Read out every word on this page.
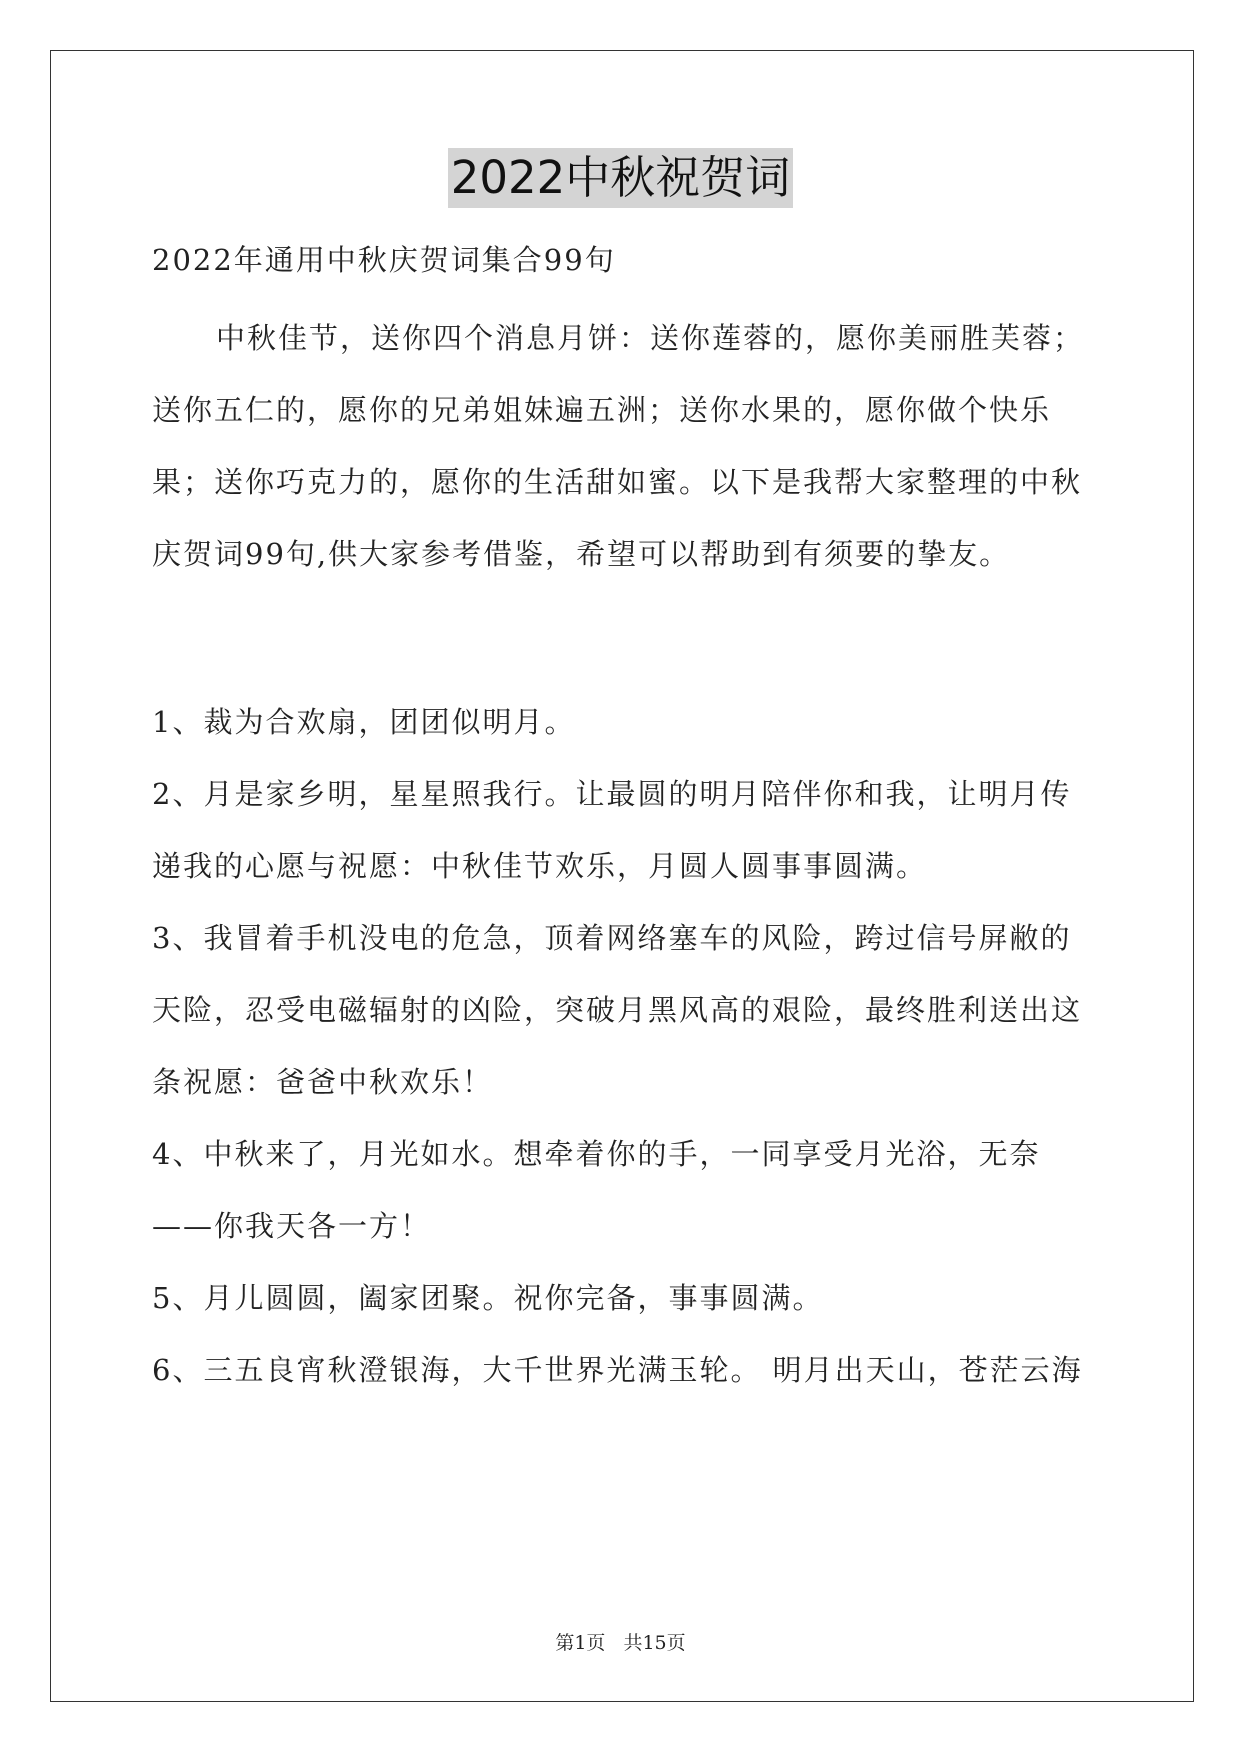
2022中秋祝贺词

2022年通用中秋庆贺词集合99句

中秋佳节，送你四个消息月饼：送你莲蓉的，愿你美丽胜芙蓉；送你五仁的，愿你的兄弟姐妹遍五洲；送你水果的，愿你做个快乐果；送你巧克力的，愿你的生活甜如蜜。以下是我帮大家整理的中秋庆贺词99句,供大家参考借鉴，希望可以帮助到有须要的挚友。

1、裁为合欢扇，团团似明月。

2、月是家乡明，星星照我行。让最圆的明月陪伴你和我，让明月传递我的心愿与祝愿：中秋佳节欢乐，月圆人圆事事圆满。

3、我冒着手机没电的危急，顶着网络塞车的风险，跨过信号屏敝的天险，忍受电磁辐射的凶险，突破月黑风高的艰险，最终胜利送出这条祝愿：爸爸中秋欢乐！

4、中秋来了，月光如水。想牵着你的手，一同享受月光浴，无奈——你我天各一方！

5、月儿圆圆，阖家团聚。祝你完备，事事圆满。

6、三五良宵秋澄银海，大千世界光满玉轮。 明月出天山，苍茫云海

第1页 共15页
